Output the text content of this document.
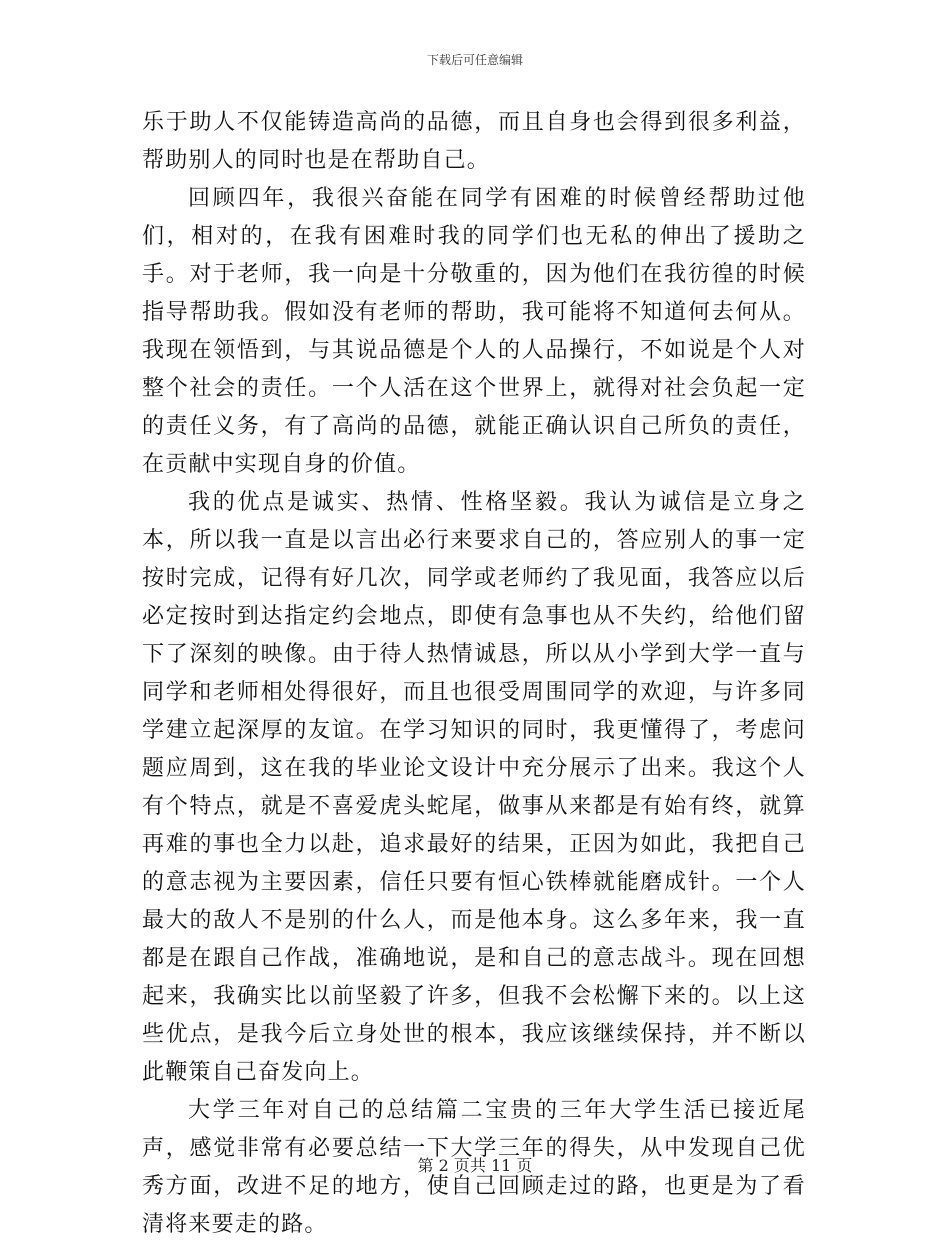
下载后可任意编辑

乐于助人不仅能铸造高尚的品德，而且自身也会得到很多利益，帮助别人的同时也是在帮助自己。

回顾四年，我很兴奋能在同学有困难的时候曾经帮助过他们，相对的，在我有困难时我的同学们也无私的伸出了援助之手。对于老师，我一向是十分敬重的，因为他们在我彷徨的时候指导帮助我。假如没有老师的帮助，我可能将不知道何去何从。我现在领悟到，与其说品德是个人的人品操行，不如说是个人对整个社会的责任。一个人活在这个世界上，就得对社会负起一定的责任义务，有了高尚的品德，就能正确认识自己所负的责任，在贡献中实现自身的价值。

我的优点是诚实、热情、性格坚毅。我认为诚信是立身之本，所以我一直是以言出必行来要求自己的，答应别人的事一定按时完成，记得有好几次，同学或老师约了我见面，我答应以后必定按时到达指定约会地点，即使有急事也从不失约，给他们留下了深刻的映像。由于待人热情诚恳，所以从小学到大学一直与同学和老师相处得很好，而且也很受周围同学的欢迎，与许多同学建立起深厚的友谊。在学习知识的同时，我更懂得了，考虑问题应周到，这在我的毕业论文设计中充分展示了出来。我这个人有个特点，就是不喜爱虎头蛇尾，做事从来都是有始有终，就算再难的事也全力以赴，追求最好的结果，正因为如此，我把自己的意志视为主要因素，信任只要有恒心铁棒就能磨成针。一个人最大的敌人不是别的什么人，而是他本身。这么多年来，我一直都是在跟自己作战，准确地说，是和自己的意志战斗。现在回想起来，我确实比以前坚毅了许多，但我不会松懈下来的。以上这些优点，是我今后立身处世的根本，我应该继续保持，并不断以此鞭策自己奋发向上。

大学三年对自己的总结篇二宝贵的三年大学生活已接近尾声，感觉非常有必要总结一下大学三年的得失，从中发现自己优秀方面，改进不足的地方，使自己回顾走过的路，也更是为了看清将来要走的路。

第 2 页共 11 页
